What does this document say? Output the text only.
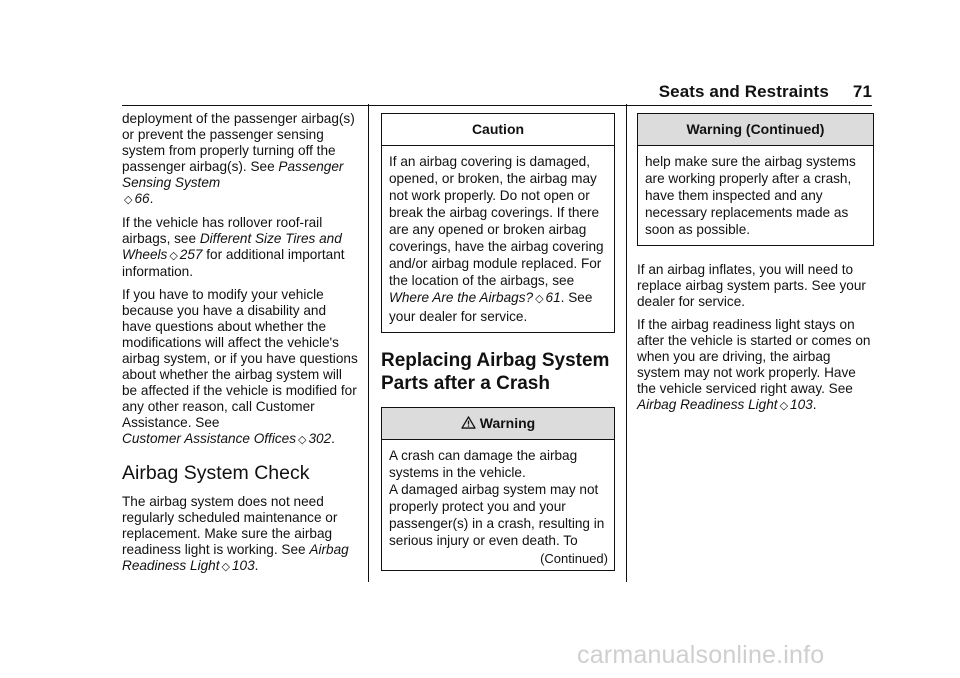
Seats and Restraints 71

deployment of the passenger airbag(s) or prevent the passenger sensing system from properly turning off the passenger airbag(s). See Passenger Sensing System
◇ 66.

If the vehicle has rollover roof-rail airbags, see Different Size Tires and Wheels ◇ 257 for additional important information.

If you have to modify your vehicle because you have a disability and have questions about whether the modifications will affect the vehicle's airbag system, or if you have questions about whether the airbag system will be affected if the vehicle is modified for any other reason, call Customer Assistance. See
Customer Assistance Offices ◇ 302.

Airbag System Check

The airbag system does not need regularly scheduled maintenance or replacement. Make sure the airbag readiness light is working. See Airbag Readiness Light ◇ 103.

Caution
If an airbag covering is damaged, opened, or broken, the airbag may not work properly. Do not open or break the airbag coverings. If there are any opened or broken airbag coverings, have the airbag covering and/or airbag module replaced. For the location of the airbags, see Where Are the Airbags? ◇ 61. See your dealer for service.
Replacing Airbag System Parts after a Crash
Warning
A crash can damage the airbag systems in the vehicle.
A damaged airbag system may not properly protect you and your passenger(s) in a crash, resulting in serious injury or even death. To
(Continued)
Warning (Continued)
help make sure the airbag systems are working properly after a crash, have them inspected and any necessary replacements made as soon as possible.

If an airbag inflates, you will need to replace airbag system parts. See your dealer for service.

If the airbag readiness light stays on after the vehicle is started or comes on when you are driving, the airbag system may not work properly. Have the vehicle serviced right away. See Airbag Readiness Light ◇ 103.

carmanualsonline.info
